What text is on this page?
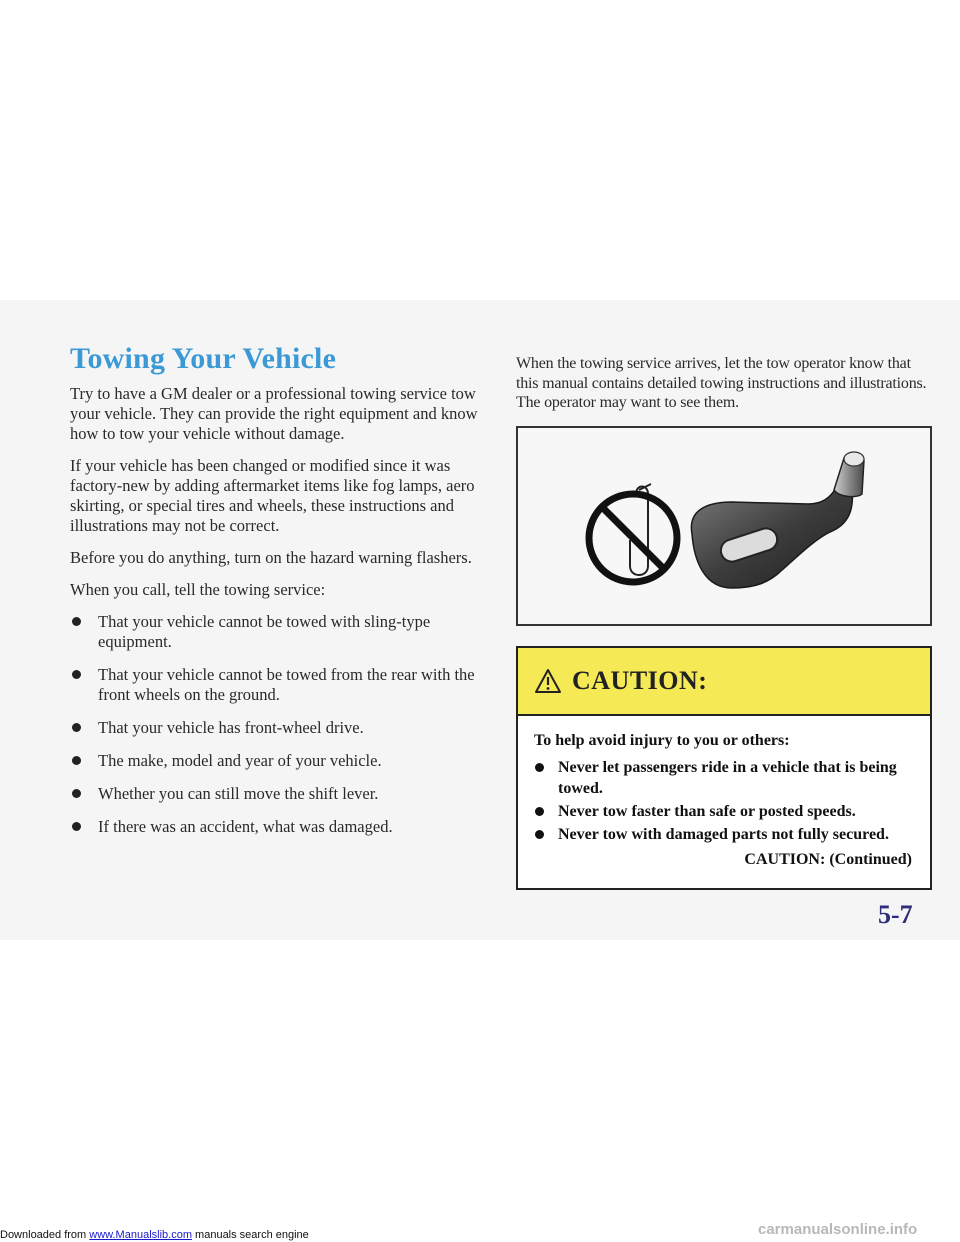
Towing Your Vehicle

Try to have a GM dealer or a professional towing service tow your vehicle. They can provide the right equipment and know how to tow your vehicle without damage.

If your vehicle has been changed or modified since it was factory-new by adding aftermarket items like fog lamps, aero skirting, or special tires and wheels, these instructions and illustrations may not be correct.

Before you do anything, turn on the hazard warning flashers.

When you call, tell the towing service:

That your vehicle cannot be towed with sling-type equipment.
That your vehicle cannot be towed from the rear with the front wheels on the ground.
That your vehicle has front-wheel drive.
The make, model and year of your vehicle.
Whether you can still move the shift lever.
If there was an accident, what was damaged.

When the towing service arrives, let the tow operator know that this manual contains detailed towing instructions and illustrations. The operator may want to see them.

CAUTION:

To help avoid injury to you or others:

Never let passengers ride in a vehicle that is being towed.
Never tow faster than safe or posted speeds.
Never tow with damaged parts not fully secured.
CAUTION: (Continued)

5-7

Downloaded from www.Manualslib.com manuals search engine	carmanualsonline.info
